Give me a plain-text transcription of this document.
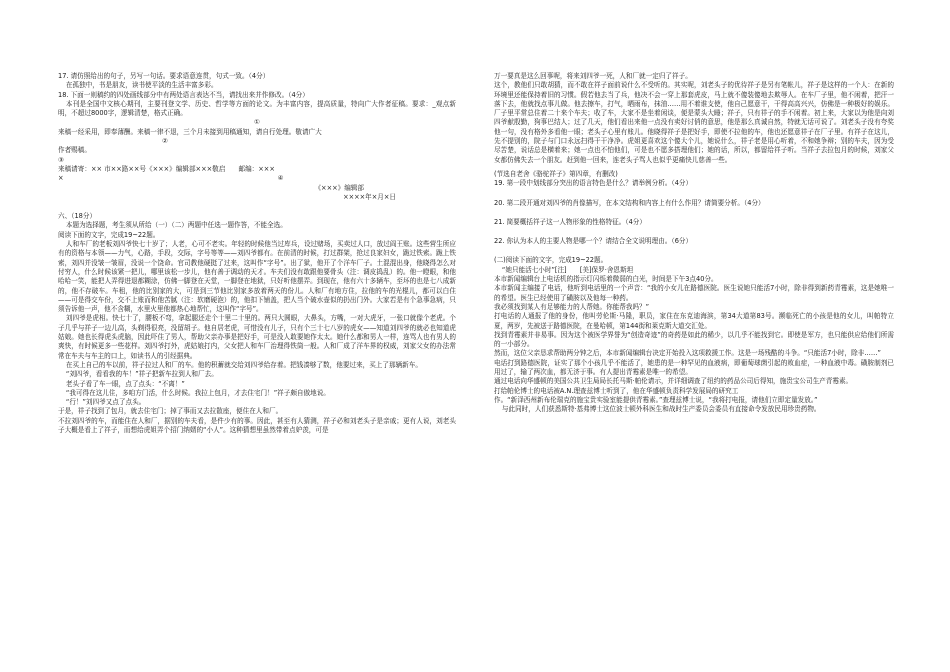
17. 请仿照给出的句子，另写一句话。要求语意连贯，句式一致。（4分）

在孤独中，书是朋友，读书使平淡的生活丰富多彩。

18. 下面一则稿约的四处画线部分中有两处语言表达不当，请找出来并作修改。（4分）

本刊是全国中文核心期刊，主要刊登文学、历史、哲学等方面的论文。为丰富内容，提高质量，特向广大作者征稿。要求：_观点新明，不超过8000字，逻辑清楚，格式正确。

①

来稿一经采用，即奉薄酬。来稿一律不退，三个月未接到用稿通知，请自行处理。敬请广大

②

作者赐稿。

③

来稿请寄：×× 市××路××号《×××》编辑部×××敬启　　邮编：×××

×	④

《×××》编辑部

××××年×月×日

六、（18分）

本题为选择题，考生须从所给（一）（二）两题中任选一题作答，不能全选。

阅读下面的文字，完成19~22题。

人和车厂的老板刘四爷快七十岁了；人老，心可不老实。年轻的时候他当过库兵，设过赌场，买卖过人口，放过阎王账。这些营生所应有的资格与本领——力气，心路，手段，交际，字号等等——刘四爷都有。在前清的时候，打过群架，抢过良家妇女，跪过铁索。跪上铁索，刘四并没皱一皱眉，没说一个饶命。官司教他硬挺了过来，这叫作“字号”。出了狱，他开了个洋车厂子。土混混出身，他晓得怎么对付穷人，什么时候该紧一把儿，哪里该松一步儿，他有善于调动的天才。车夫们没有敢跟他要骨头（注：调皮捣乱）的。他一瞪眼，和他哈哈一笑，能把人弄得进退都糊涂，仿佛一脚登在天堂，一脚登在地狱，只好听他摆弄。到现在，他有六十多辆车，至坏的也是七八成新的，他不存破车。车租，他的比别家的大，可是到三节他比别家多放着两天的份儿。人和厂有地方住，拉他的车的光棍儿，都可以白住——可是得交车份，交不上账而和他苦腻（注：软磨硬泡）的，他扣下铺盖，把人当个破水壶似的扔出门外。大家若是有个急事急病，只须告诉他一声，他不含糊，水里火里他都热心地帮忙，这叫作“字号”。

刘四爷是虎相。快七十了，腰板不弯，拿起腿还走个十里二十里的。两只大圆眼，大鼻头，方嘴，一对大虎牙，一张口就像个老虎。个子几乎与祥子一边儿高，头剃得很亮，没留胡子。他自居老虎，可惜没有儿子，只有个三十七八岁的虎女——知道刘四爷的就必也知道虎姑娘。她也长得虎头虎脑，因此吓住了男人，帮助父亲办事是把好手，可是没人敢要她作太太。她什么都和男人一样，连骂人也有男人的爽快，有时候更多一些花样。刘四爷打外，虎姑娘打内，父女把人和车厂治理得铁筒一般。人和厂成了洋车界的权威，刘家父女的办法常常在车夫与车主的口上，如读书人的引经据典。

在买上自己的车以前，祥子拉过人和厂的车。他的积蓄就交给刘四爷给存着。把钱凑够了数，他要过来，买上了那辆新车。

“刘四爷，看看我的车！”祥子把新车拉到人和厂去。

老头子看了车一眼，点了点头：“不离！”

“我可得在这儿住，多咱方门活，什么时候。我拉上包月，才去住宅门！”祥子颇自傲地说。

“行！”刘四爷又点了点头。

于是，祥子找到了包月，就去住宅门；掉了事而又去拉散座，便住在人和厂。

不拉刘四爷的车，而能住在人和厂，据别的车夫看，是件少有的事。因此，甚至有人猜测，祥子必和刘老头子是亲戚；更有人说，刘老头子大概是看上了祥子，而想给虎姐弄个招门纳婿的“小人”。这种猜想里虽然带着点妒羡，可是

万一要真是这么回事呢，将来刘四爷一死，人和厂就一定归了祥子。

这个，教他们只敢胡猜，而不敢在祥子面前说什么不受听的。其实呢，刘老头子的优待祥子是另有笔帐儿，祥子是这样的一个人：在新的环境里还能保持着旧的习惯。假若他去当了兵，他决不会一穿上那套虎皮，马上就不傻装傻地去欺辱人。在车厂子里，他不闲着，把汗一落下去，他就找点事儿做。他去擦车，打气，晒雨布，抹油……用不着谁支使，他自己愿意干，干得高高兴兴，仿佛是一种极好的娱乐。厂子里平常总住着二十来个车夫；收了车，大家不是坐着闲谈，便是蒙头大睡；祥子，只有祥子的手不闲着。初上来，大家以为他是向刘四爷献殷勤，狗事巴结人；过了几天，他们看出来他一点没有卖好讨俏的意思，他是那么真诚自然，特就无话可说了。刘老头子没有夸奖他一句，没有格外多看他一眼；老头子心里有账儿。他晓得祥子是把好手，即使不拉他的车，他也还愿意祥子在厂子里。有祥子在这儿，先不提别的，院子与门口永远扫得干干净净。虎姐更喜欢这个傻大个儿，她说什么，祥子老是用心听着，不和她争辩；别的车夫，因为受尽苦楚，说话总是横着来；她一点也不怕他们，可是也不愿多搭理他们；她的话，所以，都留给祥子听。当祥子去拉包月的时候，刘家父女都仿佛失去一个朋友。赶到他一回来，连老头子骂人也似乎更痛快儿慈善一些。

(节选自老舍《骆驼祥子》第四章，有删改)

19. 第一段中划线部分突出的语言特色是什么？请举例分析。（4分）

20. 第二段开通对刘四爷的肖像描写，在本文结构和内容上有什么作用？请简要分析。（4分）

21. 简要概括祥子这一人物形象的性格特征。（4分）

22. 你认为本人的主要人物是哪一个？请结合全文说明理由。（6分）

(二)阅读下面的文字，完成19~22题。

“她只能活七小时”[注]　　[美]保罗·舍恩斯坦

本市新闻编辑台上电话机的指示灯闪烁着微弱的白光，时间是下午3点40分。

本市新闻主编接了电话，他听到电话里的一个声音：“我的小女儿在路德医院。医生说她只能活7小时，除非得到新药青霉素，这是她唯一的希望。医生已经使用了磺胺以及他每一种药。

我必须找到某人有足够能力的人帮她。你能帮我吗？”

打电话的人通报了他的身份，他叫劳伦斯·马隆，职员，家住在东克迪海滨，第34大道第83号。濒临死亡的小孩是他的女儿，叫帕特立夏，两岁，先被送于路德医院，在曼哈顿，第144街和莱克斯大道交汇处。

找到青霉素并非易事。因为这个被医学界誉为“创造奇迹”的奇药是如此的稀少，以几乎不能找到它。即使是军方，也只能供应给他们所需的一小部分。

然而，这位父亲恳求帮助两分钟之后，本市新闻编辑台决定开始投入这项救援工作。这是一场残酷的斗争。“只能活7小时，除非……”

电话打到路德医院，证实了那个小孩几乎不能活了，她患的是一种罕见的血液病，即葡萄球菌引起的败血症，一种血液中毒。磺胺制剂已用过了，输了两次血，都无济于事。有人提出青霉素是唯一的希望。

通过电话向华盛顿的美国公共卫生局局长托马斯·帕伦请示，并详细调查了纽约的药品公司后得知，施贵宝公司生产青霉素。

打给帕伦博士的电话被A.N.理查兹博士听到了，他在华盛顿负责科学发展局的研究工

作。“新泽西州新布伦瑞克的施宝贵实验室能提供青霉素。”查理兹博士说，“我将打电报，请他们立即定量发放。”

与此同时，人们获悉斯特·基弗博士这位波士顿外科医生和战时生产委员会委员有直接命令发放民用珍贵药物。
